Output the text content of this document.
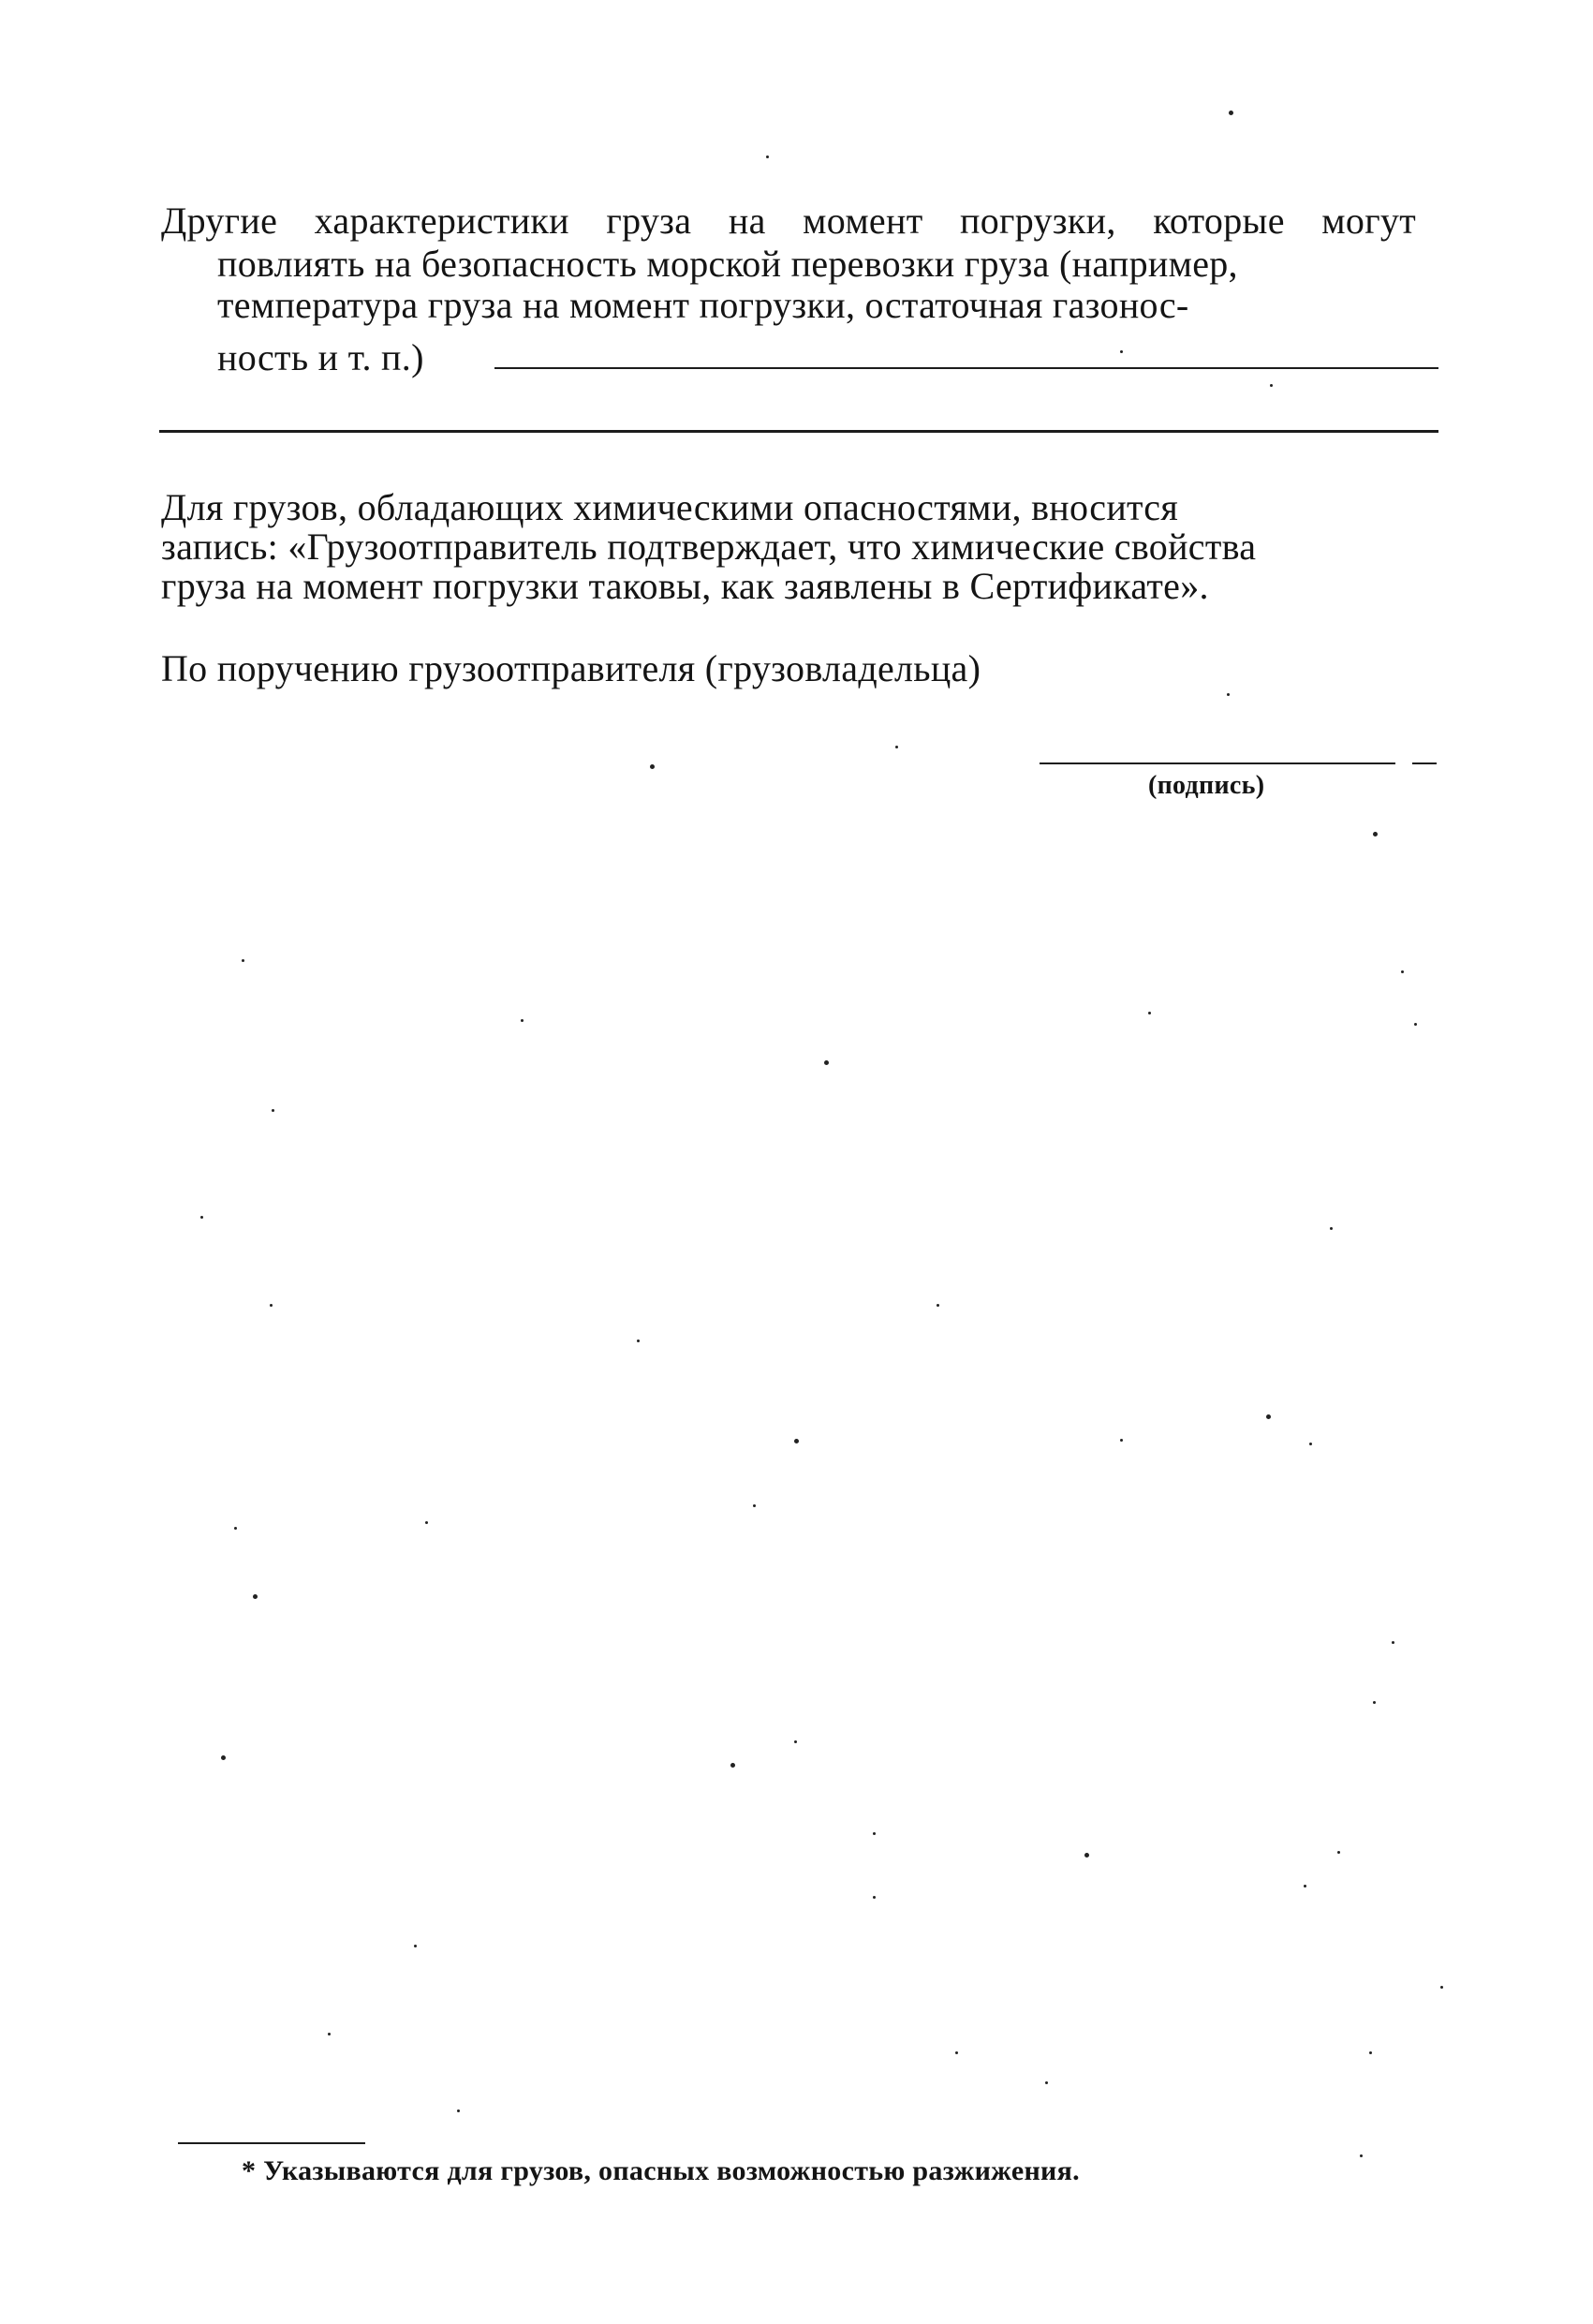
Другие характеристики груза на момент погрузки, которые могут
повлиять на безопасность морской перевозки груза (например,
температура груза на момент погрузки, остаточная газонос-
ность и т. п.)
Для грузов, обладающих химическими опасностями, вносится
запись: «Грузоотправитель подтверждает, что химические свойства
груза на момент погрузки таковы, как заявлены в Сертификате».
По поручению грузоотправителя (грузовладельца)
(подпись)
* Указываются для грузов, опасных возможностью разжижения.
